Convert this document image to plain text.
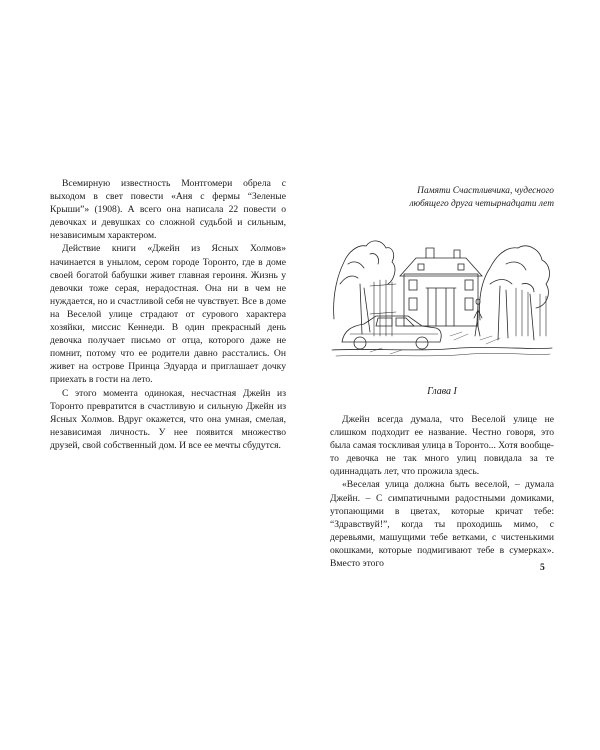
Всемирную известность Монтгомери обрела с выходом в свет повести «Аня с фермы “Зеленые Крыши”» (1908). А всего она написала 22 повести о девочках и девушках со сложной судьбой и сильным, независимым характером.

Действие книги «Джейн из Ясных Холмов» начинается в унылом, сером городе Торонто, где в доме своей богатой бабушки живет главная героиня. Жизнь у девочки тоже серая, нерадостная. Она ни в чем не нуждается, но и счастливой себя не чувствует. Все в доме на Веселой улице страдают от сурового характера хозяйки, миссис Кеннеди. В один прекрасный день девочка получает письмо от отца, которого даже не помнит, потому что ее родители давно расстались. Он живет на острове Принца Эдуарда и приглашает дочку приехать в гости на лето.

С этого момента одинокая, несчастная Джейн из Торонто превратится в счастливую и сильную Джейн из Ясных Холмов. Вдруг окажется, что она умная, смелая, независимая личность. У нее появится множество друзей, свой собственный дом. И все ее мечты сбудутся.

Памяти Счастливчика, чудесного
любящего друга четырнадцати лет
Глава I

Джейн всегда думала, что Веселой улице не слишком подходит ее название. Честно говоря, это была самая тоскливая улица в Торонто... Хотя вообще-то девочка не так много улиц повидала за те одиннадцать лет, что прожила здесь.

«Веселая улица должна быть веселой, – думала Джейн. – С симпатичными радостными домиками, утопающими в цветах, которые кричат тебе: “Здравствуй!”, когда ты проходишь мимо, с деревьями, машущими тебе ветками, с чистенькими окошками, которые подмигивают тебе в сумерках». Вместо этого	5
